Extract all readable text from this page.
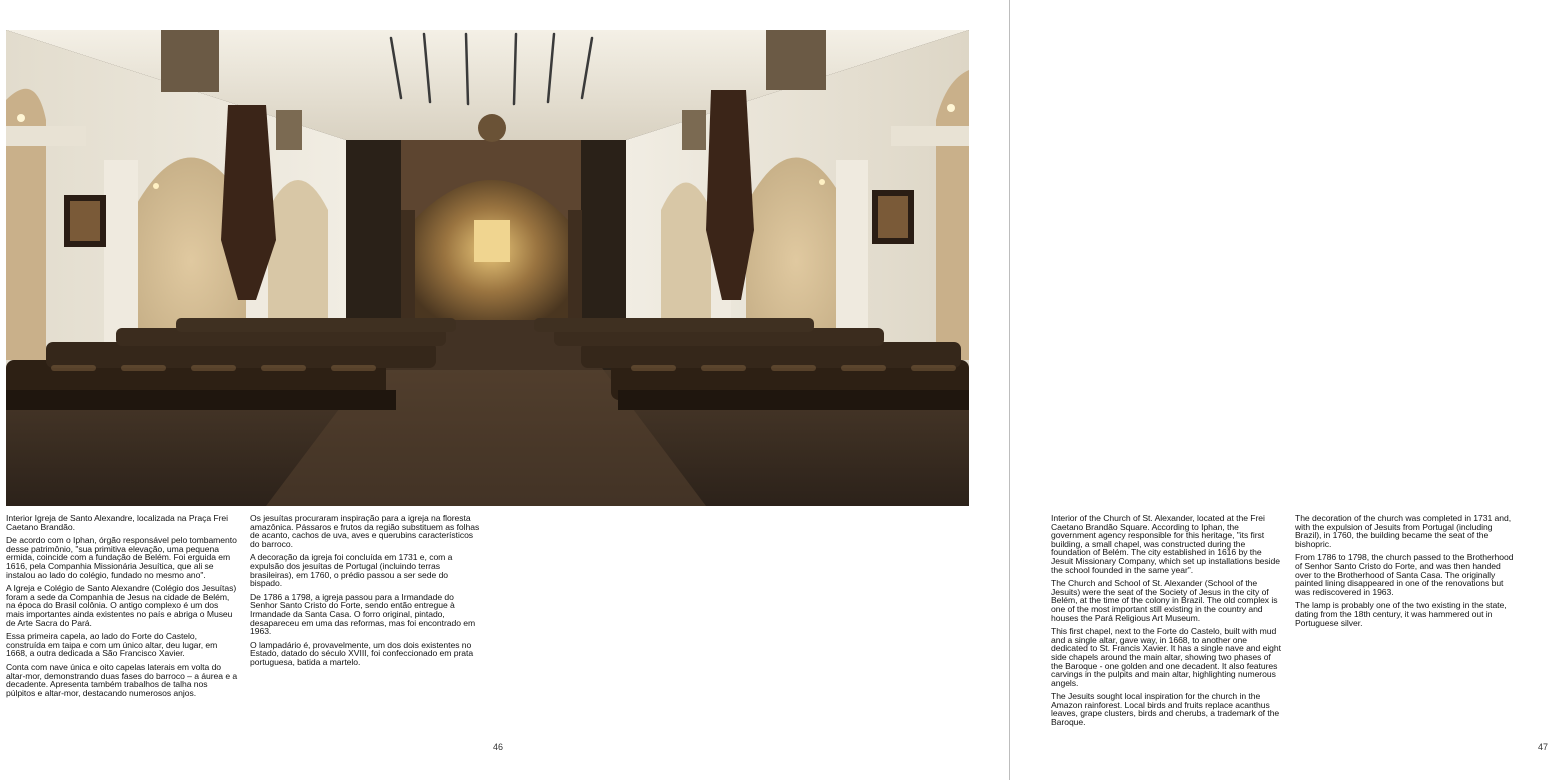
Interior Igreja de Santo Alexandre, localizada na Praça Frei Caetano Brandão.

De acordo com o Iphan, órgão responsável pelo tombamento desse patrimônio, "sua primitiva elevação, uma pequena ermida, coincide com a fundação de Belém. Foi erguida em 1616, pela Companhia Missionária Jesuítica, que ali se instalou ao lado do colégio, fundado no mesmo ano".

A Igreja e Colégio de Santo Alexandre (Colégio dos Jesuítas) foram a sede da Companhia de Jesus na cidade de Belém, na época do Brasil colônia. O antigo complexo é um dos mais importantes ainda existentes no país e abriga o Museu de Arte Sacra do Pará.

Essa primeira capela, ao lado do Forte do Castelo, construída em taipa e com um único altar, deu lugar, em 1668, a outra dedicada a São Francisco Xavier.

Conta com nave única e oito capelas laterais em volta do altar-mor, demonstrando duas fases do barroco – a áurea e a decadente. Apresenta também trabalhos de talha nos púlpitos e altar-mor, destacando numerosos anjos.

Os jesuítas procuraram inspiração para a igreja na floresta amazônica. Pássaros e frutos da região substituem as folhas de acanto, cachos de uva, aves e querubins característicos do barroco.

A decoração da igreja foi concluída em 1731 e, com a expulsão dos jesuítas de Portugal (incluindo terras brasileiras), em 1760, o prédio passou a ser sede do bispado.

De 1786 a 1798, a igreja passou para a Irmandade do Senhor Santo Cristo do Forte, sendo então entregue à Irmandade da Santa Casa. O forro original, pintado, desapareceu em uma das reformas, mas foi encontrado em 1963.

O lampadário é, provavelmente, um dos dois existentes no Estado, datado do século XVIII, foi confeccionado em prata portuguesa, batida a martelo.

46

Interior of the Church of St. Alexander, located at the Frei Caetano Brandão Square. According to Iphan, the government agency responsible for this heritage, "its first building, a small chapel, was constructed during the foundation of Belém. The city established in 1616 by the Jesuit Missionary Company, which set up installations beside the school founded in the same year".

The Church and School of St. Alexander (School of the Jesuits) were the seat of the Society of Jesus in the city of Belém, at the time of the colony in Brazil. The old complex is one of the most important still existing in the country and houses the Pará Religious Art Museum.

This first chapel, next to the Forte do Castelo, built with mud and a single altar, gave way, in 1668, to another one dedicated to St. Francis Xavier. It has a single nave and eight side chapels around the main altar, showing two phases of the Baroque - one golden and one decadent. It also features carvings in the pulpits and main altar, highlighting numerous angels.

The Jesuits sought local inspiration for the church in the Amazon rainforest. Local birds and fruits replace acanthus leaves, grape clusters, birds and cherubs, a trademark of the Baroque.

The decoration of the church was completed in 1731 and, with the expulsion of Jesuits from Portugal (including Brazil), in 1760, the building became the seat of the bishopric.

From 1786 to 1798, the church passed to the Brotherhood of Senhor Santo Cristo do Forte, and was then handed over to the Brotherhood of Santa Casa. The originally painted lining disappeared in one of the renovations but was rediscovered in 1963.

The lamp is probably one of the two existing in the state, dating from the 18th century, it was hammered out in Portuguese silver.

47
